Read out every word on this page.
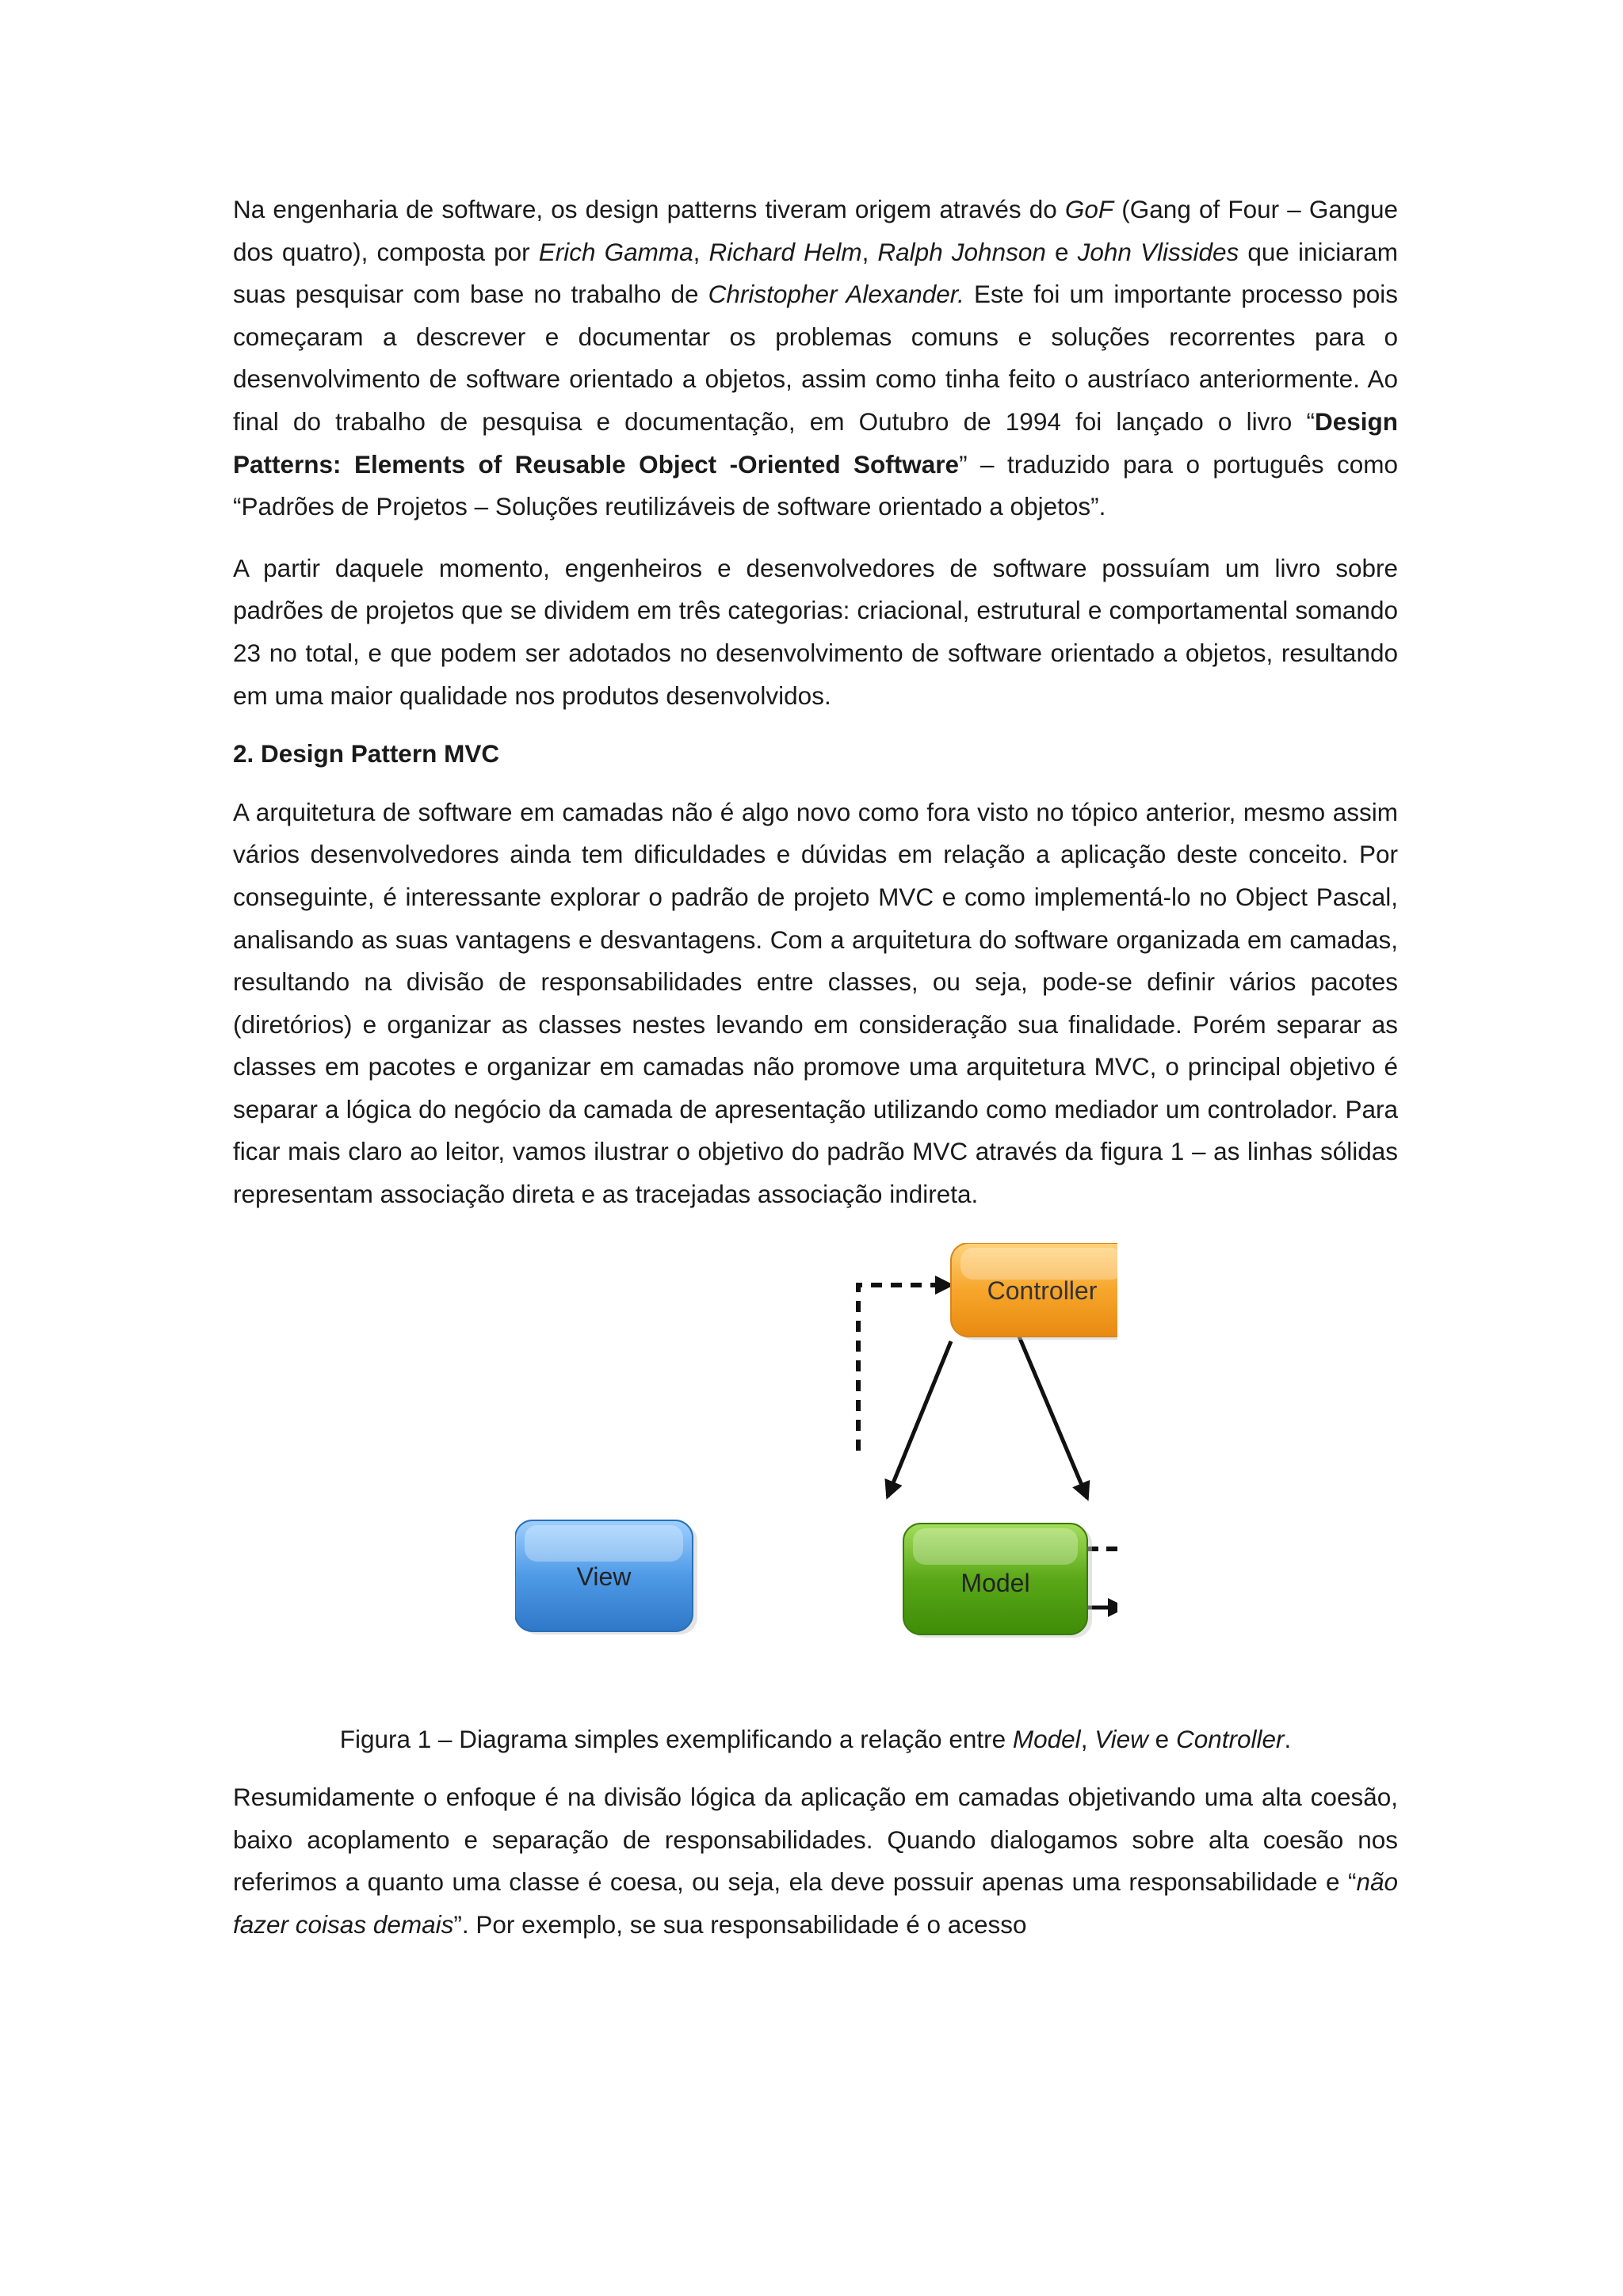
Na engenharia de software, os design patterns tiveram origem através do GoF (Gang of Four – Gangue dos quatro), composta por Erich Gamma, Richard Helm, Ralph Johnson e John Vlissides que iniciaram suas pesquisar com base no trabalho de Christopher Alexander. Este foi um importante processo pois começaram a descrever e documentar os problemas comuns e soluções recorrentes para o desenvolvimento de software orientado a objetos, assim como tinha feito o austríaco anteriormente. Ao final do trabalho de pesquisa e documentação, em Outubro de 1994 foi lançado o livro “Design Patterns: Elements of Reusable Object -Oriented Software” – traduzido para o português como “Padrões de Projetos – Soluções reutilizáveis de software orientado a objetos”.

A partir daquele momento, engenheiros e desenvolvedores de software possuíam um livro sobre padrões de projetos que se dividem em três categorias: criacional, estrutural e comportamental somando 23 no total, e que podem ser adotados no desenvolvimento de software orientado a objetos, resultando em uma maior qualidade nos produtos desenvolvidos.

2. Design Pattern MVC

A arquitetura de software em camadas não é algo novo como fora visto no tópico anterior, mesmo assim vários desenvolvedores ainda tem dificuldades e dúvidas em relação a aplicação deste conceito. Por conseguinte, é interessante explorar o padrão de projeto MVC e como implementá-lo no Object Pascal, analisando as suas vantagens e desvantagens. Com a arquitetura do software organizada em camadas, resultando na divisão de responsabilidades entre classes, ou seja, pode-se definir vários pacotes (diretórios) e organizar as classes nestes levando em consideração sua finalidade. Porém separar as classes em pacotes e organizar em camadas não promove uma arquitetura MVC, o principal objetivo é separar a lógica do negócio da camada de apresentação utilizando como mediador um controlador. Para ficar mais claro ao leitor, vamos ilustrar o objetivo do padrão MVC através da figura 1 – as linhas sólidas representam associação direta e as tracejadas associação indireta.

Controller
View	Model

Figura 1 – Diagrama simples exemplificando a relação entre Model, View e Controller.

Resumidamente o enfoque é na divisão lógica da aplicação em camadas objetivando uma alta coesão, baixo acoplamento e separação de responsabilidades. Quando dialogamos sobre alta coesão nos referimos a quanto uma classe é coesa, ou seja, ela deve possuir apenas uma responsabilidade e “não fazer coisas demais”. Por exemplo, se sua responsabilidade é o acesso
